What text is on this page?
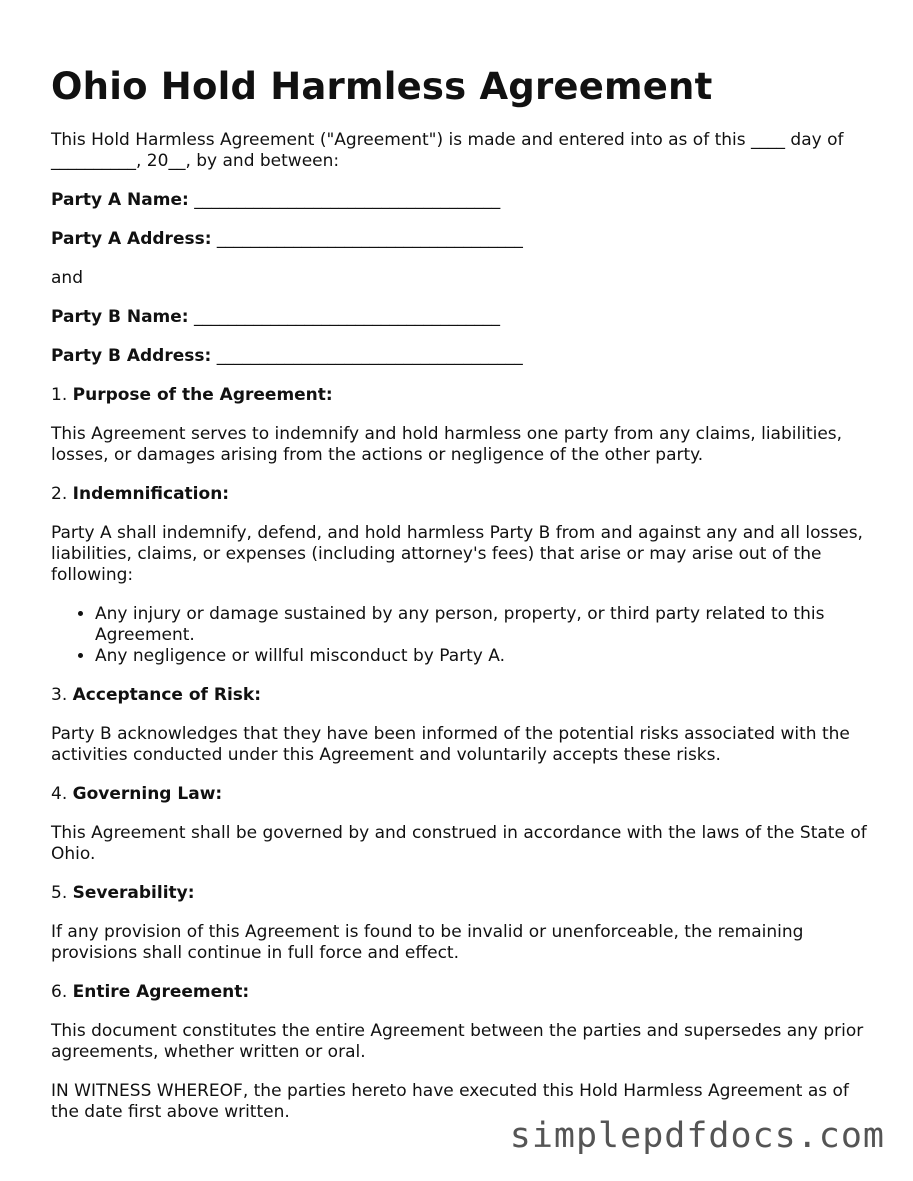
Ohio Hold Harmless Agreement

This Hold Harmless Agreement ("Agreement") is made and entered into as of this ____ day of __________, 20__, by and between:

Party A Name: ____________________________________
Party A Address: ____________________________________
and
Party B Name: ____________________________________
Party B Address: ____________________________________
1. Purpose of the Agreement:

This Agreement serves to indemnify and hold harmless one party from any claims, liabilities, losses, or damages arising from the actions or negligence of the other party.

2. Indemnification:

Party A shall indemnify, defend, and hold harmless Party B from and against any and all losses, liabilities, claims, or expenses (including attorney's fees) that arise or may arise out of the following:

• Any injury or damage sustained by any person, property, or third party related to this Agreement.
• Any negligence or willful misconduct by Party A.
3. Acceptance of Risk:

Party B acknowledges that they have been informed of the potential risks associated with the activities conducted under this Agreement and voluntarily accepts these risks.

4. Governing Law:

This Agreement shall be governed by and construed in accordance with the laws of the State of Ohio.

5. Severability:

If any provision of this Agreement is found to be invalid or unenforceable, the remaining provisions shall continue in full force and effect.

6. Entire Agreement:

This document constitutes the entire Agreement between the parties and supersedes any prior agreements, whether written or oral.

IN WITNESS WHEREOF, the parties hereto have executed this Hold Harmless Agreement as of the date first above written.

simplepdfdocs.com
